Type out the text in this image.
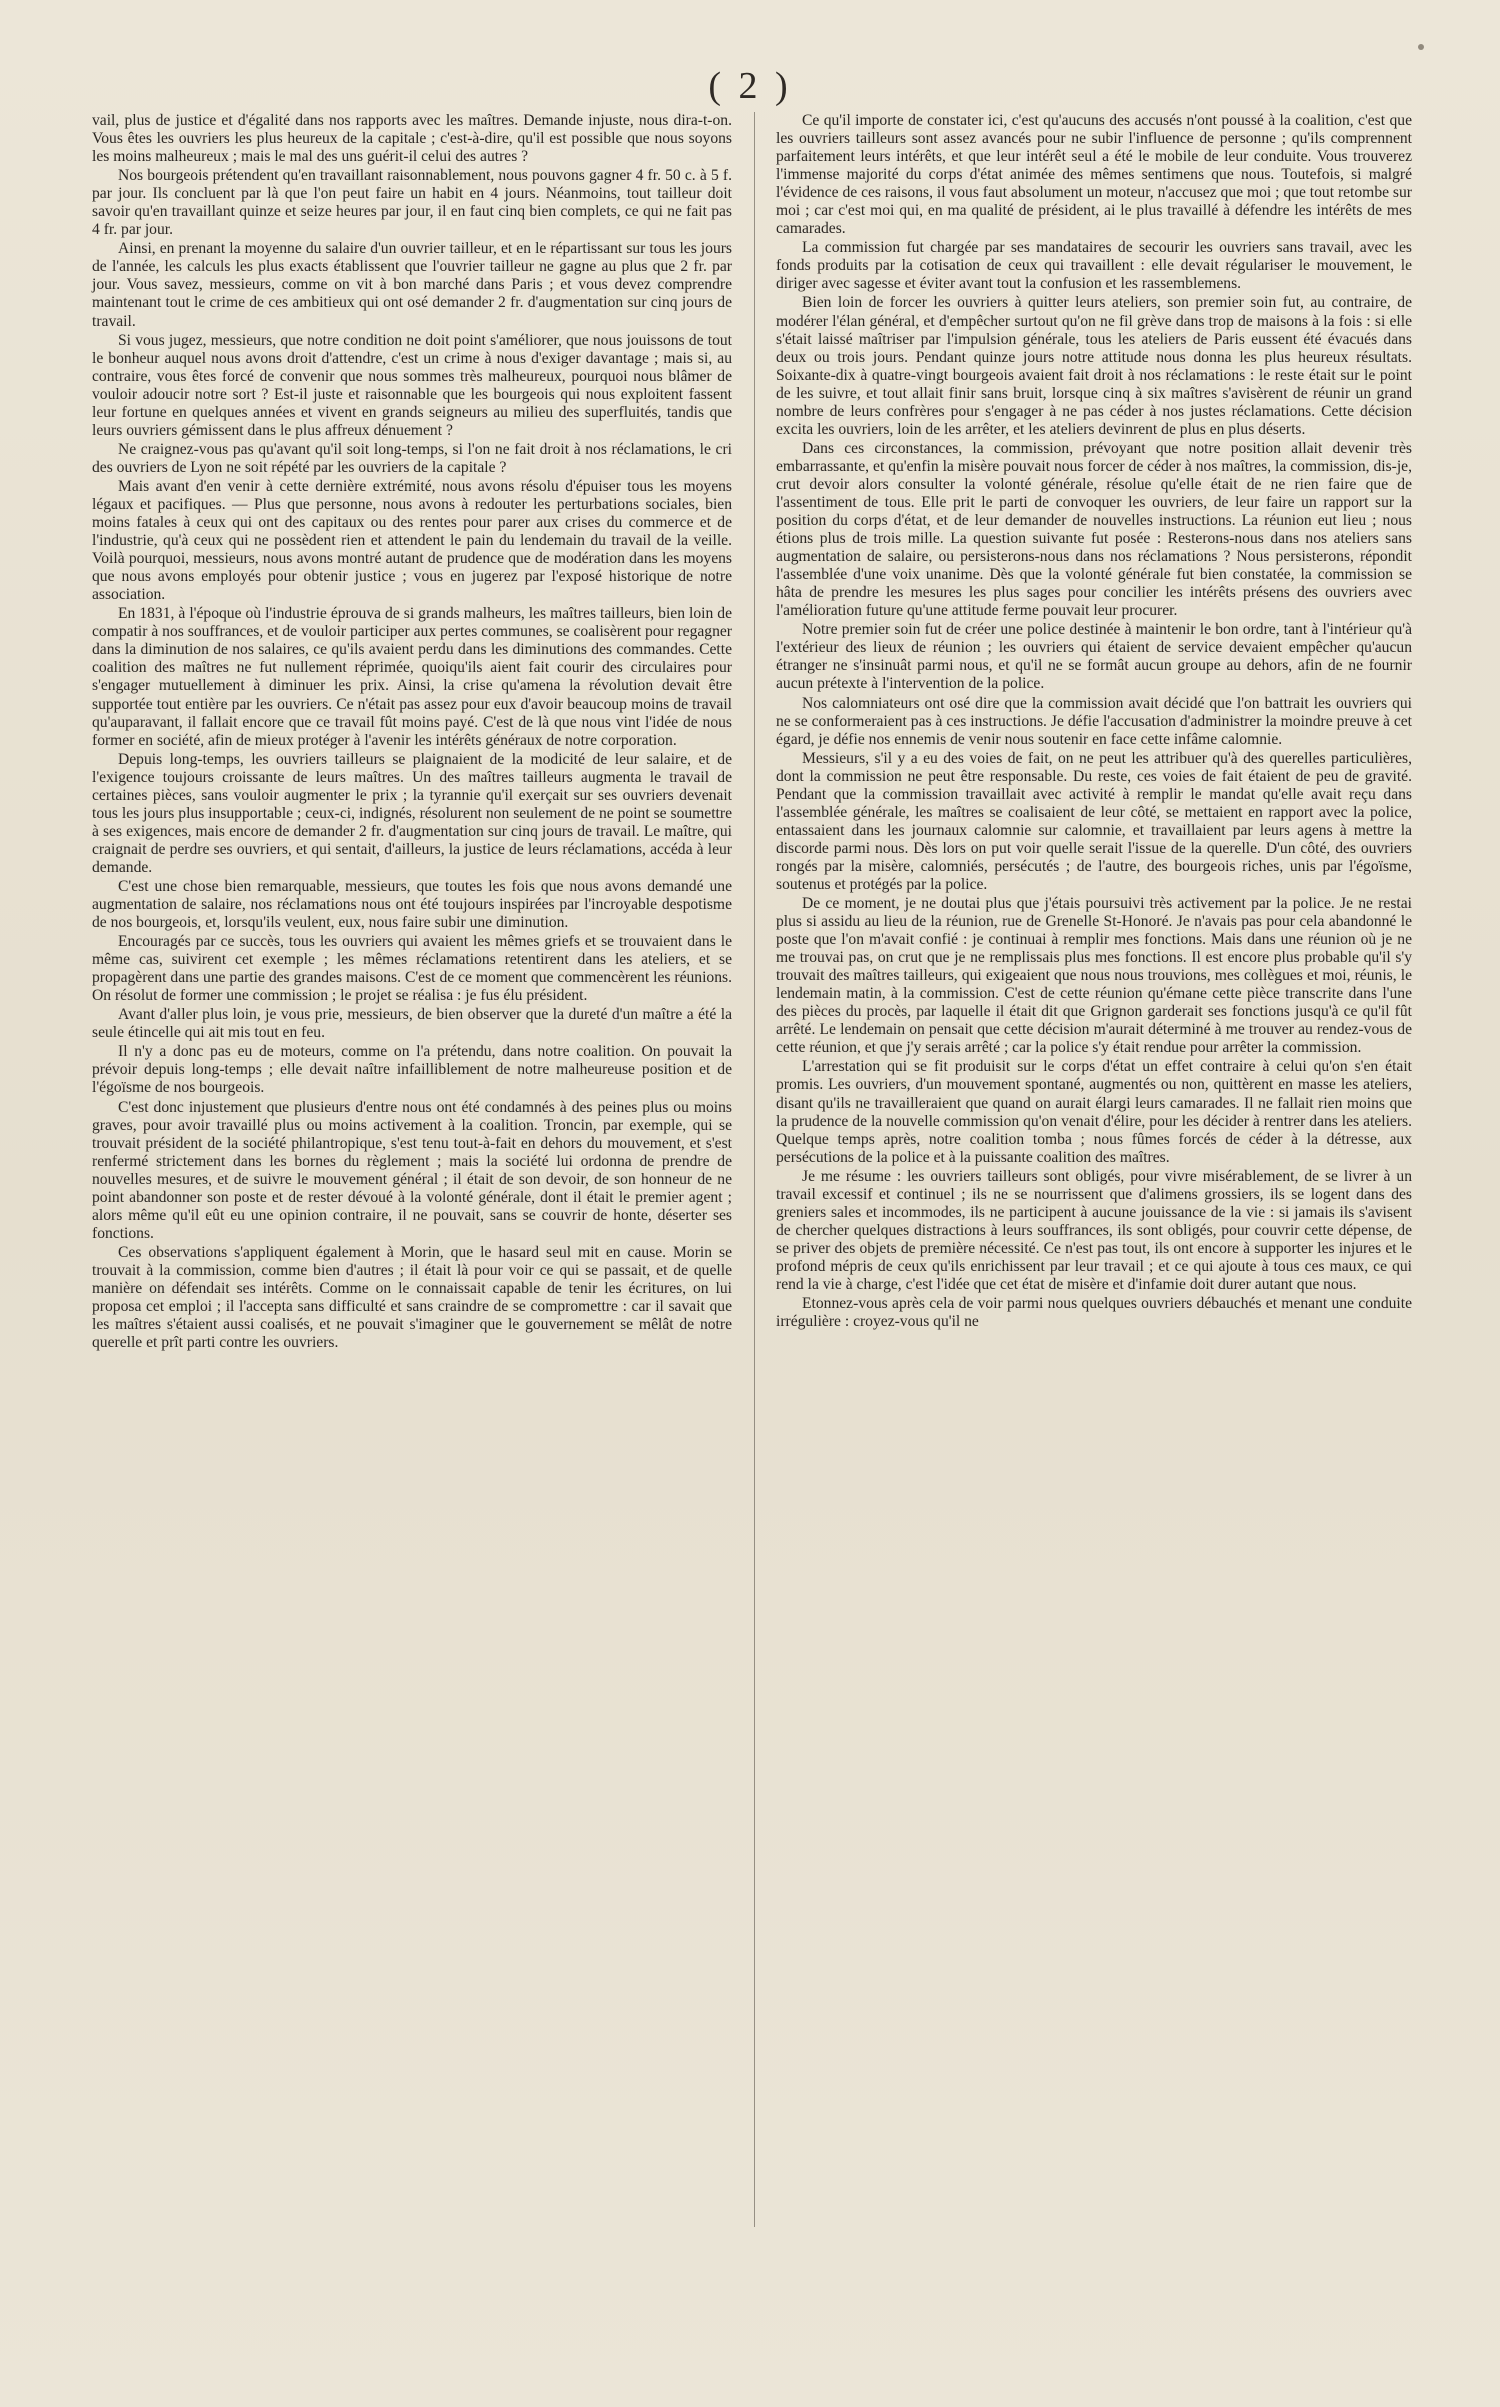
( 2 )

vail, plus de justice et d'égalité dans nos rapports avec les maîtres. Demande injuste, nous dira-t-on. Vous êtes les ouvriers les plus heureux de la capitale ; c'est-à-dire, qu'il est possible que nous soyons les moins malheureux ; mais le mal des uns guérit-il celui des autres ?

Nos bourgeois prétendent qu'en travaillant raisonnablement, nous pouvons gagner 4 fr. 50 c. à 5 f. par jour. Ils concluent par là que l'on peut faire un habit en 4 jours. Néanmoins, tout tailleur doit savoir qu'en travaillant quinze et seize heures par jour, il en faut cinq bien complets, ce qui ne fait pas 4 fr. par jour.

Ainsi, en prenant la moyenne du salaire d'un ouvrier tailleur, et en le répartissant sur tous les jours de l'année, les calculs les plus exacts établissent que l'ouvrier tailleur ne gagne au plus que 2 fr. par jour. Vous savez, messieurs, comme on vit à bon marché dans Paris ; et vous devez comprendre maintenant tout le crime de ces ambitieux qui ont osé demander 2 fr. d'augmentation sur cinq jours de travail.

Si vous jugez, messieurs, que notre condition ne doit point s'améliorer, que nous jouissons de tout le bonheur auquel nous avons droit d'attendre, c'est un crime à nous d'exiger davantage ; mais si, au contraire, vous êtes forcé de convenir que nous sommes très malheureux, pourquoi nous blâmer de vouloir adoucir notre sort ? Est-il juste et raisonnable que les bourgeois qui nous exploitent fassent leur fortune en quelques années et vivent en grands seigneurs au milieu des superfluités, tandis que leurs ouvriers gémissent dans le plus affreux dénuement ?

Ne craignez-vous pas qu'avant qu'il soit long-temps, si l'on ne fait droit à nos réclamations, le cri des ouvriers de Lyon ne soit répété par les ouvriers de la capitale ?

Mais avant d'en venir à cette dernière extrémité, nous avons résolu d'épuiser tous les moyens légaux et pacifiques. — Plus que personne, nous avons à redouter les perturbations sociales, bien moins fatales à ceux qui ont des capitaux ou des rentes pour parer aux crises du commerce et de l'industrie, qu'à ceux qui ne possèdent rien et attendent le pain du lendemain du travail de la veille. Voilà pourquoi, messieurs, nous avons montré autant de prudence que de modération dans les moyens que nous avons employés pour obtenir justice ; vous en jugerez par l'exposé historique de notre association.

En 1831, à l'époque où l'industrie éprouva de si grands malheurs, les maîtres tailleurs, bien loin de compatir à nos souffrances, et de vouloir participer aux pertes communes, se coalisèrent pour regagner dans la diminution de nos salaires, ce qu'ils avaient perdu dans les diminutions des commandes. Cette coalition des maîtres ne fut nullement réprimée, quoiqu'ils aient fait courir des circulaires pour s'engager mutuellement à diminuer les prix. Ainsi, la crise qu'amena la révolution devait être supportée tout entière par les ouvriers. Ce n'était pas assez pour eux d'avoir beaucoup moins de travail qu'auparavant, il fallait encore que ce travail fût moins payé. C'est de là que nous vint l'idée de nous former en société, afin de mieux protéger à l'avenir les intérêts généraux de notre corporation.

Depuis long-temps, les ouvriers tailleurs se plaignaient de la modicité de leur salaire, et de l'exigence toujours croissante de leurs maîtres. Un des maîtres tailleurs augmenta le travail de certaines pièces, sans vouloir augmenter le prix ; la tyrannie qu'il exerçait sur ses ouvriers devenait tous les jours plus insupportable ; ceux-ci, indignés, résolurent non seulement de ne point se soumettre à ses exigences, mais encore de demander 2 fr. d'augmentation sur cinq jours de travail. Le maître, qui craignait de perdre ses ouvriers, et qui sentait, d'ailleurs, la justice de leurs réclamations, accéda à leur demande.

C'est une chose bien remarquable, messieurs, que toutes les fois que nous avons demandé une augmentation de salaire, nos réclamations nous ont été toujours inspirées par l'incroyable despotisme de nos bourgeois, et, lorsqu'ils veulent, eux, nous faire subir une diminution.

Encouragés par ce succès, tous les ouvriers qui avaient les mêmes griefs et se trouvaient dans le même cas, suivirent cet exemple ; les mêmes réclamations retentirent dans les ateliers, et se propagèrent dans une partie des grandes maisons. C'est de ce moment que commencèrent les réunions. On résolut de former une commission ; le projet se réalisa : je fus élu président.

Avant d'aller plus loin, je vous prie, messieurs, de bien observer que la dureté d'un maître a été la seule étincelle qui ait mis tout en feu.

Il n'y a donc pas eu de moteurs, comme on l'a prétendu, dans notre coalition. On pouvait la prévoir depuis long-temps ; elle devait naître infailliblement de notre malheureuse position et de l'égoïsme de nos bourgeois.

C'est donc injustement que plusieurs d'entre nous ont été condamnés à des peines plus ou moins graves, pour avoir travaillé plus ou moins activement à la coalition. Troncin, par exemple, qui se trouvait président de la société philantropique, s'est tenu tout-à-fait en dehors du mouvement, et s'est renfermé strictement dans les bornes du règlement ; mais la société lui ordonna de prendre de nouvelles mesures, et de suivre le mouvement général ; il était de son devoir, de son honneur de ne point abandonner son poste et de rester dévoué à la volonté générale, dont il était le premier agent ; alors même qu'il eût eu une opinion contraire, il ne pouvait, sans se couvrir de honte, déserter ses fonctions.

Ces observations s'appliquent également à Morin, que le hasard seul mit en cause. Morin se trouvait à la commission, comme bien d'autres ; il était là pour voir ce qui se passait, et de quelle manière on défendait ses intérêts. Comme on le connaissait capable de tenir les écritures, on lui proposa cet emploi ; il l'accepta sans difficulté et sans craindre de se compromettre : car il savait que les maîtres s'étaient aussi coalisés, et ne pouvait s'imaginer que le gouvernement se mêlât de notre querelle et prît parti contre les ouvriers.

Ce qu'il importe de constater ici, c'est qu'aucuns des accusés n'ont poussé à la coalition, c'est que les ouvriers tailleurs sont assez avancés pour ne subir l'influence de personne ; qu'ils comprennent parfaitement leurs intérêts, et que leur intérêt seul a été le mobile de leur conduite. Vous trouverez l'immense majorité du corps d'état animée des mêmes sentimens que nous. Toutefois, si malgré l'évidence de ces raisons, il vous faut absolument un moteur, n'accusez que moi ; que tout retombe sur moi ; car c'est moi qui, en ma qualité de président, ai le plus travaillé à défendre les intérêts de mes camarades.

La commission fut chargée par ses mandataires de secourir les ouvriers sans travail, avec les fonds produits par la cotisation de ceux qui travaillent : elle devait régulariser le mouvement, le diriger avec sagesse et éviter avant tout la confusion et les rassemblemens.

Bien loin de forcer les ouvriers à quitter leurs ateliers, son premier soin fut, au contraire, de modérer l'élan général, et d'empêcher surtout qu'on ne fil grève dans trop de maisons à la fois : si elle s'était laissé maîtriser par l'impulsion générale, tous les ateliers de Paris eussent été évacués dans deux ou trois jours. Pendant quinze jours notre attitude nous donna les plus heureux résultats. Soixante-dix à quatre-vingt bourgeois avaient fait droit à nos réclamations : le reste était sur le point de les suivre, et tout allait finir sans bruit, lorsque cinq à six maîtres s'avisèrent de réunir un grand nombre de leurs confrères pour s'engager à ne pas céder à nos justes réclamations. Cette décision excita les ouvriers, loin de les arrêter, et les ateliers devinrent de plus en plus déserts.

Dans ces circonstances, la commission, prévoyant que notre position allait devenir très embarrassante, et qu'enfin la misère pouvait nous forcer de céder à nos maîtres, la commission, dis-je, crut devoir alors consulter la volonté générale, résolue qu'elle était de ne rien faire que de l'assentiment de tous. Elle prit le parti de convoquer les ouvriers, de leur faire un rapport sur la position du corps d'état, et de leur demander de nouvelles instructions. La réunion eut lieu ; nous étions plus de trois mille. La question suivante fut posée : Resterons-nous dans nos ateliers sans augmentation de salaire, ou persisterons-nous dans nos réclamations ? Nous persisterons, répondit l'assemblée d'une voix unanime. Dès que la volonté générale fut bien constatée, la commission se hâta de prendre les mesures les plus sages pour concilier les intérêts présens des ouvriers avec l'amélioration future qu'une attitude ferme pouvait leur procurer.

Notre premier soin fut de créer une police destinée à maintenir le bon ordre, tant à l'intérieur qu'à l'extérieur des lieux de réunion ; les ouvriers qui étaient de service devaient empêcher qu'aucun étranger ne s'insinuât parmi nous, et qu'il ne se formât aucun groupe au dehors, afin de ne fournir aucun prétexte à l'intervention de la police.

Nos calomniateurs ont osé dire que la commission avait décidé que l'on battrait les ouvriers qui ne se conformeraient pas à ces instructions. Je défie l'accusation d'administrer la moindre preuve à cet égard, je défie nos ennemis de venir nous soutenir en face cette infâme calomnie.

Messieurs, s'il y a eu des voies de fait, on ne peut les attribuer qu'à des querelles particulières, dont la commission ne peut être responsable. Du reste, ces voies de fait étaient de peu de gravité. Pendant que la commission travaillait avec activité à remplir le mandat qu'elle avait reçu dans l'assemblée générale, les maîtres se coalisaient de leur côté, se mettaient en rapport avec la police, entassaient dans les journaux calomnie sur calomnie, et travaillaient par leurs agens à mettre la discorde parmi nous. Dès lors on put voir quelle serait l'issue de la querelle. D'un côté, des ouvriers rongés par la misère, calomniés, persécutés ; de l'autre, des bourgeois riches, unis par l'égoïsme, soutenus et protégés par la police.

De ce moment, je ne doutai plus que j'étais poursuivi très activement par la police. Je ne restai plus si assidu au lieu de la réunion, rue de Grenelle St-Honoré. Je n'avais pas pour cela abandonné le poste que l'on m'avait confié : je continuai à remplir mes fonctions. Mais dans une réunion où je ne me trouvai pas, on crut que je ne remplissais plus mes fonctions. Il est encore plus probable qu'il s'y trouvait des maîtres tailleurs, qui exigeaient que nous nous trouvions, mes collègues et moi, réunis, le lendemain matin, à la commission. C'est de cette réunion qu'émane cette pièce transcrite dans l'une des pièces du procès, par laquelle il était dit que Grignon garderait ses fonctions jusqu'à ce qu'il fût arrêté. Le lendemain on pensait que cette décision m'aurait déterminé à me trouver au rendez-vous de cette réunion, et que j'y serais arrêté ; car la police s'y était rendue pour arrêter la commission.

L'arrestation qui se fit produisit sur le corps d'état un effet contraire à celui qu'on s'en était promis. Les ouvriers, d'un mouvement spontané, augmentés ou non, quittèrent en masse les ateliers, disant qu'ils ne travailleraient que quand on aurait élargi leurs camarades. Il ne fallait rien moins que la prudence de la nouvelle commission qu'on venait d'élire, pour les décider à rentrer dans les ateliers. Quelque temps après, notre coalition tomba ; nous fûmes forcés de céder à la détresse, aux persécutions de la police et à la puissante coalition des maîtres.

Je me résume : les ouvriers tailleurs sont obligés, pour vivre misérablement, de se livrer à un travail excessif et continuel ; ils ne se nourrissent que d'alimens grossiers, ils se logent dans des greniers sales et incommodes, ils ne participent à aucune jouissance de la vie : si jamais ils s'avisent de chercher quelques distractions à leurs souffrances, ils sont obligés, pour couvrir cette dépense, de se priver des objets de première nécessité. Ce n'est pas tout, ils ont encore à supporter les injures et le profond mépris de ceux qu'ils enrichissent par leur travail ; et ce qui ajoute à tous ces maux, ce qui rend la vie à charge, c'est l'idée que cet état de misère et d'infamie doit durer autant que nous.

Etonnez-vous après cela de voir parmi nous quelques ouvriers débauchés et menant une conduite irrégulière : croyez-vous qu'il ne
